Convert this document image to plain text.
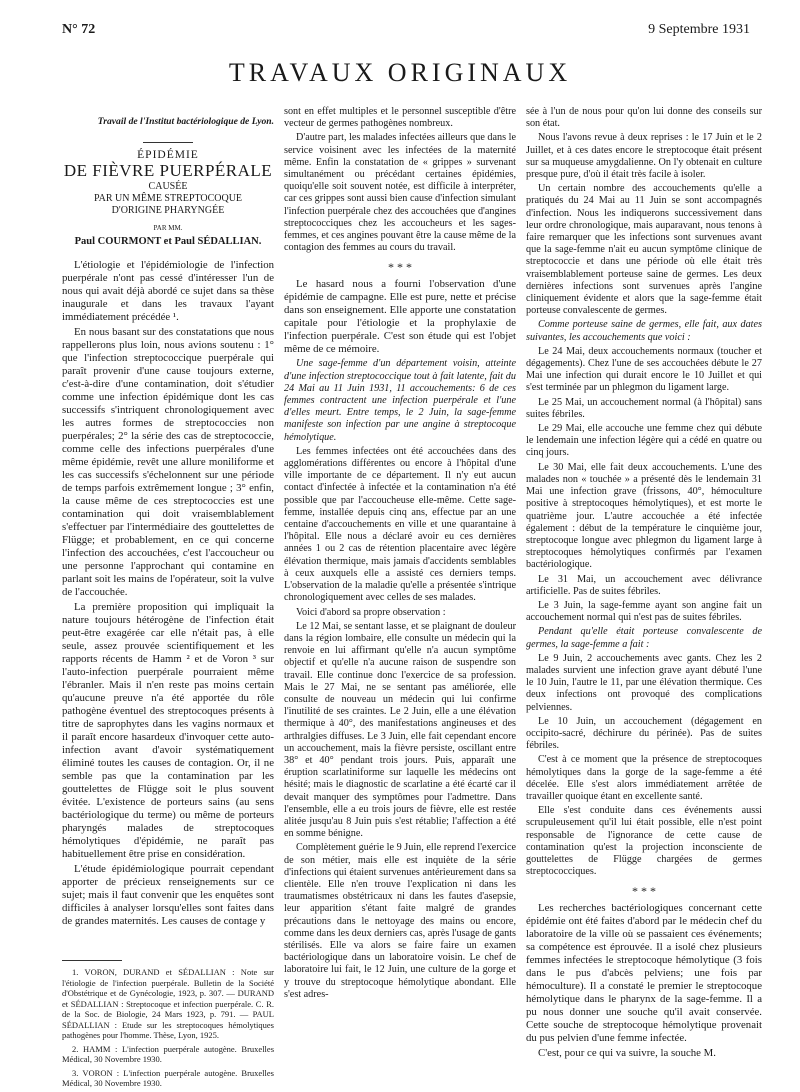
N° 72	9 Septembre 1931
TRAVAUX ORIGINAUX
Travail de l'Institut bactériologique de Lyon.
ÉPIDÉMIE
DE FIÈVRE PUERPÉRALE
CAUSÉE
PAR UN MÊME STREPTOCOQUE
D'ORIGINE PHARYNGÉE
PAR MM.
Paul COURMONT et Paul SÉDALLIAN.

L'étiologie et l'épidémiologie de l'infection puerpérale n'ont pas cessé d'intéresser l'un de nous qui avait déjà abordé ce sujet dans sa thèse inaugurale et dans les travaux l'ayant immédiatement précédée ¹.

En nous basant sur des constatations que nous rappellerons plus loin, nous avions soutenu : 1° que l'infection streptococcique puerpérale qui paraît provenir d'une cause toujours externe, c'est-à-dire d'une contamination, doit s'étudier comme une infection épidémique dont les cas successifs s'intriquent chronologiquement avec les autres formes de streptococcies non puerpérales; 2° la série des cas de streptococcie, comme celle des infections puerpérales d'une même épidémie, revêt une allure moniliforme et les cas successifs s'échelonnent sur une période de temps parfois extrêmement longue ; 3° enfin, la cause même de ces streptococcies est une contamination qui doit vraisemblablement s'effectuer par l'intermédiaire des gouttelettes de Flügge; et probablement, en ce qui concerne l'infection des accouchées, c'est l'accoucheur ou une personne l'approchant qui contamine en parlant soit les mains de l'opérateur, soit la vulve de l'accouchée.

La première proposition qui impliquait la nature toujours hétérogène de l'infection était peut-être exagérée car elle n'était pas, à elle seule, assez prouvée scientifiquement et les rapports récents de Hamm ² et de Voron ³ sur l'auto-infection puerpérale pourraient même l'ébranler. Mais il n'en reste pas moins certain qu'aucune preuve n'a été apportée du rôle pathogène éventuel des streptocoques présents à titre de saprophytes dans les vagins normaux et il paraît encore hasardeux d'invoquer cette auto-infection avant d'avoir systématiquement éliminé toutes les causes de contagion. Or, il ne semble pas que la contamination par les gouttelettes de Flügge soit le plus souvent évitée. L'existence de porteurs sains (au sens bactériologique du terme) ou même de porteurs pharyngés malades de streptocoques hémolytiques d'épidémie, ne paraît pas habituellement être prise en considération.

L'étude épidémiologique pourrait cependant apporter de précieux renseignements sur ce sujet; mais il faut convenir que les enquêtes sont difficiles à analyser lorsqu'elles sont faites dans de grandes maternités. Les causes de contage y

1. VORON, DURAND et SÉDALLIAN : Note sur l'étiologie de l'infection puerpérale. Bulletin de la Société d'Obstétrique et de Gynécologie, 1923, p. 307. — DURAND et SÉDALLIAN : Streptocoque et infection puerpérale. C. R. de la Soc. de Biologie, 24 Mars 1923, p. 791. — PAUL SÉDALLIAN : Etude sur les streptocoques hémolytiques pathogènes pour l'homme. Thèse, Lyon, 1925.

2. HAMM : L'infection puerpérale autogène. Bruxelles Médical, 30 Novembre 1930.

3. VORON : L'infection puerpérale autogène. Bruxelles Médical, 30 Novembre 1930.

sont en effet multiples et le personnel susceptible d'être vecteur de germes pathogènes nombreux.

D'autre part, les malades infectées ailleurs que dans le service voisinent avec les infectées de la maternité même. Enfin la constatation de « grippes » survenant simultanément ou précédant certaines épidémies, quoiqu'elle soit souvent notée, est difficile à interpréter, car ces grippes sont aussi bien cause d'infection simulant l'infection puerpérale chez des accouchées que d'angines streptococciques chez les accoucheurs et les sages-femmes, et ces angines pouvant être la cause même de la contagion des femmes au cours du travail.

* * *

Le hasard nous a fourni l'observation d'une épidémie de campagne. Elle est pure, nette et précise dans son enseignement. Elle apporte une constatation capitale pour l'étiologie et la prophylaxie de l'infection puerpérale. C'est son étude qui est l'objet même de ce mémoire.

Une sage-femme d'un département voisin, atteinte d'une infection streptococcique tout à fait latente, fait du 24 Mai au 11 Juin 1931, 11 accouchements: 6 de ces femmes contractent une infection puerpérale et l'une d'elles meurt. Entre temps, le 2 Juin, la sage-femme manifeste son infection par une angine à streptocoque hémolytique.

Les femmes infectées ont été accouchées dans des agglomérations différentes ou encore à l'hôpital d'une ville importante de ce département. Il n'y eut aucun contact d'infectée à infectée et la contamination n'a été possible que par l'accoucheuse elle-même. Cette sage-femme, installée depuis cinq ans, effectue par an une centaine d'accouchements en ville et une quarantaine à l'hôpital. Elle nous a déclaré avoir eu ces dernières années 1 ou 2 cas de rétention placentaire avec légère élévation thermique, mais jamais d'accidents semblables à ceux auxquels elle a assisté ces derniers temps. L'observation de la maladie qu'elle a présentée s'intrique chronologiquement avec celles de ses malades.

Voici d'abord sa propre observation :

Le 12 Mai, se sentant lasse, et se plaignant de douleur dans la région lombaire, elle consulte un médecin qui la renvoie en lui affirmant qu'elle n'a aucun symptôme objectif et qu'elle n'a aucune raison de suspendre son travail. Elle continue donc l'exercice de sa profession. Mais le 27 Mai, ne se sentant pas améliorée, elle consulte de nouveau un médecin qui lui confirme l'inutilité de ses craintes. Le 2 Juin, elle a une élévation thermique à 40°, des manifestations angineuses et des arthralgies diffuses. Le 3 Juin, elle fait cependant encore un accouchement, mais la fièvre persiste, oscillant entre 38° et 40° pendant trois jours. Puis, apparaît une éruption scarlatiniforme sur laquelle les médecins ont hésité; mais le diagnostic de scarlatine a été écarté car il devait manquer des symptômes pour l'admettre. Dans l'ensemble, elle a eu trois jours de fièvre, elle est restée alitée jusqu'au 8 Juin puis s'est rétablie; l'affection a été en somme bénigne.

Complètement guérie le 9 Juin, elle reprend l'exercice de son métier, mais elle est inquiète de la série d'infections qui étaient survenues antérieurement dans sa clientèle. Elle n'en trouve l'explication ni dans les traumatismes obstétricaux ni dans les fautes d'asepsie, leur apparition s'étant faite malgré de grandes précautions dans le nettoyage des mains ou encore, comme dans les deux derniers cas, après l'usage de gants stérilisés. Elle va alors se faire faire un examen bactériologique dans un laboratoire voisin. Le chef de laboratoire lui fait, le 12 Juin, une culture de la gorge et y trouve du streptocoque hémolytique abondant. Elle s'est adres-

sée à l'un de nous pour qu'on lui donne des conseils sur son état.

Nous l'avons revue à deux reprises : le 17 Juin et le 2 Juillet, et à ces dates encore le streptocoque était présent sur sa muqueuse amygdalienne. On l'y obtenait en culture presque pure, d'où il était très facile à isoler.

Un certain nombre des accouchements qu'elle a pratiqués du 24 Mai au 11 Juin se sont accompagnés d'infection. Nous les indiquerons successivement dans leur ordre chronologique, mais auparavant, nous tenons à faire remarquer que les infections sont survenues avant que la sage-femme n'ait eu aucun symptôme clinique de streptococcie et dans une période où elle était très vraisemblablement porteuse saine de germes. Les deux dernières infections sont survenues après l'angine cliniquement évidente et alors que la sage-femme était porteuse convalescente de germes.

Comme porteuse saine de germes, elle fait, aux dates suivantes, les accouchements que voici :

Le 24 Mai, deux accouchements normaux (toucher et dégagements). Chez l'une de ses accouchées débute le 27 Mai une infection qui durait encore le 10 Juillet et qui s'est terminée par un phlegmon du ligament large.

Le 25 Mai, un accouchement normal (à l'hôpital) sans suites fébriles.

Le 29 Mai, elle accouche une femme chez qui débute le lendemain une infection légère qui a cédé en quatre ou cinq jours.

Le 30 Mai, elle fait deux accouchements. L'une des malades non « touchée » a présenté dès le lendemain 31 Mai une infection grave (frissons, 40°, hémoculture positive à streptocoques hémolytiques), et est morte le quatrième jour. L'autre accouchée a été infectée également : début de la température le cinquième jour, streptocoque longue avec phlegmon du ligament large à streptocoques hémolytiques confirmés par l'examen bactériologique.

Le 31 Mai, un accouchement avec délivrance artificielle. Pas de suites fébriles.

Le 3 Juin, la sage-femme ayant son angine fait un accouchement normal qui n'est pas de suites fébriles.

Pendant qu'elle était porteuse convalescente de germes, la sage-femme a fait :

Le 9 Juin, 2 accouchements avec gants. Chez les 2 malades survient une infection grave ayant débuté l'une le 10 Juin, l'autre le 11, par une élévation thermique. Ces deux infections ont provoqué des complications pelviennes.

Le 10 Juin, un accouchement (dégagement en occipito-sacré, déchirure du périnée). Pas de suites fébriles.

C'est à ce moment que la présence de streptocoques hémolytiques dans la gorge de la sage-femme a été décelée. Elle s'est alors immédiatement arrêtée de travailler quoique étant en excellente santé.

Elle s'est conduite dans ces événements aussi scrupuleusement qu'il lui était possible, elle n'est point responsable de l'ignorance de cette cause de contamination qu'est la projection inconsciente de gouttelettes de Flügge chargées de germes streptococciques.

* * *

Les recherches bactériologiques concernant cette épidémie ont été faites d'abord par le médecin chef du laboratoire de la ville où se passaient ces événements; sa compétence est éprouvée. Il a isolé chez plusieurs femmes infectées le streptocoque hémolytique (3 fois dans le pus d'abcès pelviens; une fois par hémoculture). Il a constaté le premier le streptocoque hémolytique dans le pharynx de la sage-femme. Il a pu nous donner une souche qu'il avait conservée. Cette souche de streptocoque hémolytique provenait du pus pelvien d'une femme infectée.

C'est, pour ce qui va suivre, la souche M.
